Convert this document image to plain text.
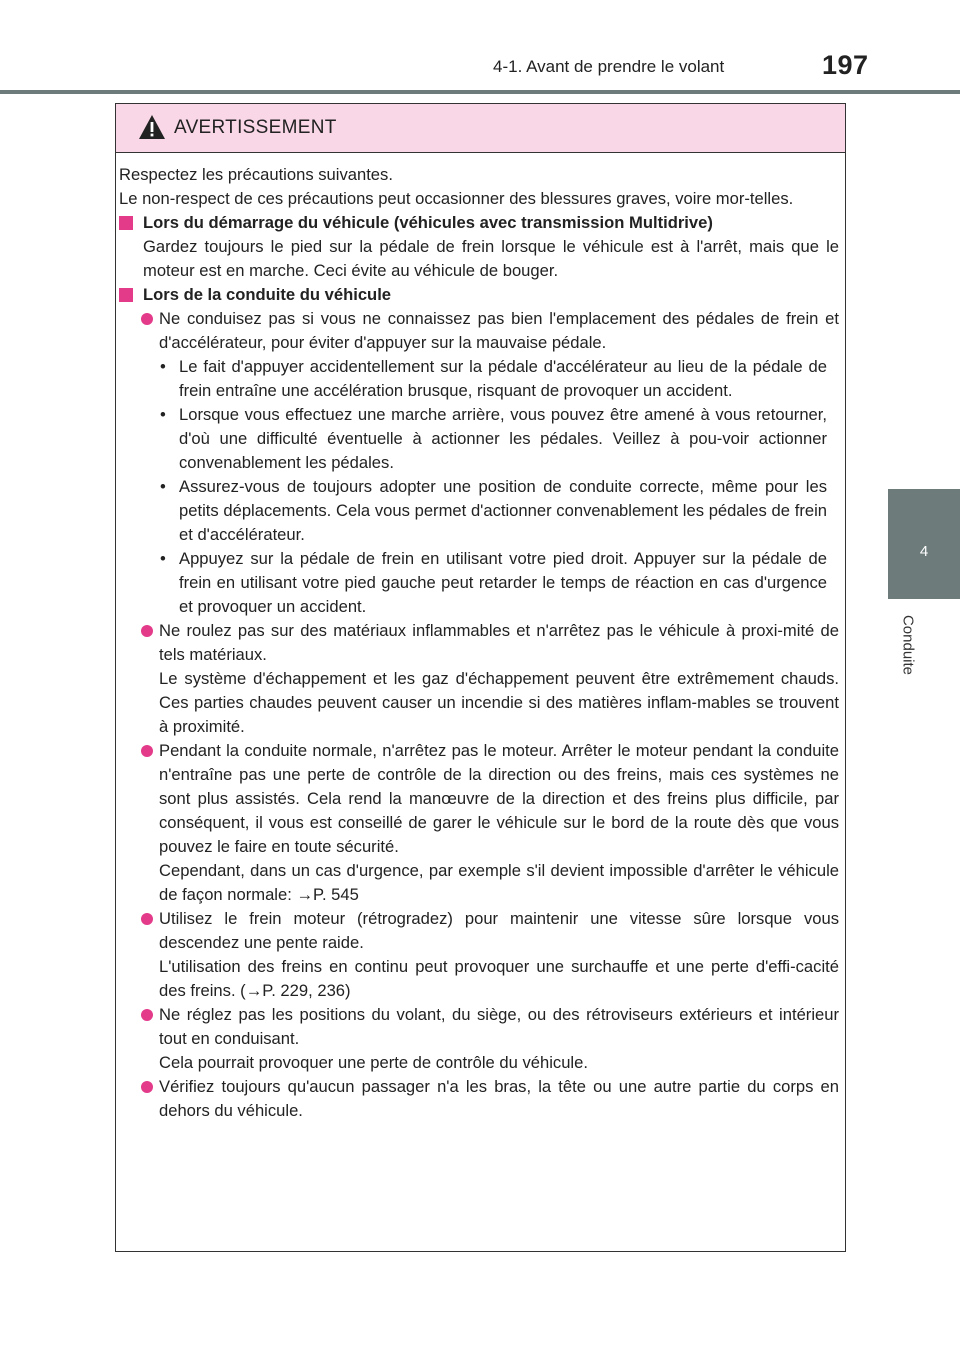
4-1. Avant de prendre le volant	197
4
Conduite
AVERTISSEMENT

Respectez les précautions suivantes.
Le non-respect de ces précautions peut occasionner des blessures graves, voire mor-telles.

Lors du démarrage du véhicule (véhicules avec transmission Multidrive)

Gardez toujours le pied sur la pédale de frein lorsque le véhicule est à l'arrêt, mais que le moteur est en marche. Ceci évite au véhicule de bouger.

Lors de la conduite du véhicule

Ne conduisez pas si vous ne connaissez pas bien l'emplacement des pédales de frein et d'accélérateur, pour éviter d'appuyer sur la mauvaise pédale.

• Le fait d'appuyer accidentellement sur la pédale d'accélérateur au lieu de la pédale de frein entraîne une accélération brusque, risquant de provoquer un accident.

• Lorsque vous effectuez une marche arrière, vous pouvez être amené à vous retourner, d'où une difficulté éventuelle à actionner les pédales. Veillez à pou-voir actionner convenablement les pédales.

• Assurez-vous de toujours adopter une position de conduite correcte, même pour les petits déplacements. Cela vous permet d'actionner convenablement les pédales de frein et d'accélérateur.

• Appuyez sur la pédale de frein en utilisant votre pied droit. Appuyer sur la pédale de frein en utilisant votre pied gauche peut retarder le temps de réaction en cas d'urgence et provoquer un accident.

Ne roulez pas sur des matériaux inflammables et n'arrêtez pas le véhicule à proxi-mité de tels matériaux.
Le système d'échappement et les gaz d'échappement peuvent être extrêmement chauds. Ces parties chaudes peuvent causer un incendie si des matières inflam-mables se trouvent à proximité.

Pendant la conduite normale, n'arrêtez pas le moteur. Arrêter le moteur pendant la conduite n'entraîne pas une perte de contrôle de la direction ou des freins, mais ces systèmes ne sont plus assistés. Cela rend la manœuvre de la direction et des freins plus difficile, par conséquent, il vous est conseillé de garer le véhicule sur le bord de la route dès que vous pouvez le faire en toute sécurité.
Cependant, dans un cas d'urgence, par exemple s'il devient impossible d'arrêter le véhicule de façon normale: →P. 545

Utilisez le frein moteur (rétrogradez) pour maintenir une vitesse sûre lorsque vous descendez une pente raide.
L'utilisation des freins en continu peut provoquer une surchauffe et une perte d'effi-cacité des freins. (→P. 229, 236)

Ne réglez pas les positions du volant, du siège, ou des rétroviseurs extérieurs et intérieur tout en conduisant.
Cela pourrait provoquer une perte de contrôle du véhicule.

Vérifiez toujours qu'aucun passager n'a les bras, la tête ou une autre partie du corps en dehors du véhicule.
